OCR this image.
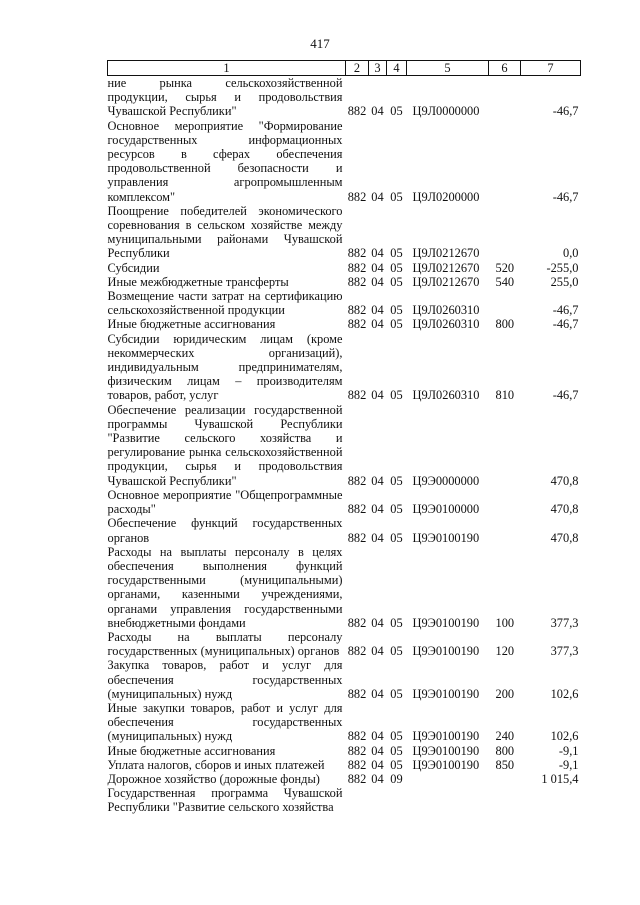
417
1	2	3	4	5	6	7
ние рынка сельскохозяйственной продукции, сырья и продовольствия Чувашской Республики"	882	04	05	Ц9Л0000000		-46,7
Основное мероприятие "Формирование государственных информационных ресурсов в сферах обеспечения продовольственной безопасности и управления агропромышленным комплексом"	882	04	05	Ц9Л0200000		-46,7
Поощрение победителей экономического соревнования в сельском хозяйстве между муниципальными районами Чувашской Республики	882	04	05	Ц9Л0212670		0,0
Субсидии	882	04	05	Ц9Л0212670	520	-255,0
Иные межбюджетные трансферты	882	04	05	Ц9Л0212670	540	255,0
Возмещение части затрат на сертификацию сельскохозяйственной продукции	882	04	05	Ц9Л0260310		-46,7
Иные бюджетные ассигнования	882	04	05	Ц9Л0260310	800	-46,7
Субсидии юридическим лицам (кроме некоммерческих организаций), индивидуальным предпринимателям, физическим лицам – производителям товаров, работ, услуг	882	04	05	Ц9Л0260310	810	-46,7
Обеспечение реализации государственной программы Чувашской Республики "Развитие сельского хозяйства и регулирование рынка сельскохозяйственной продукции, сырья и продовольствия Чувашской Республики"	882	04	05	Ц9Э0000000		470,8
Основное мероприятие "Общепрограммные расходы"	882	04	05	Ц9Э0100000		470,8
Обеспечение функций государственных органов	882	04	05	Ц9Э0100190		470,8
Расходы на выплаты персоналу в целях обеспечения выполнения функций государственными (муниципальными) органами, казенными учреждениями, органами управления государственными внебюджетными фондами	882	04	05	Ц9Э0100190	100	377,3
Расходы на выплаты персоналу государственных (муниципальных) органов	882	04	05	Ц9Э0100190	120	377,3
Закупка товаров, работ и услуг для обеспечения государственных (муниципальных) нужд	882	04	05	Ц9Э0100190	200	102,6
Иные закупки товаров, работ и услуг для обеспечения государственных (муниципальных) нужд	882	04	05	Ц9Э0100190	240	102,6
Иные бюджетные ассигнования	882	04	05	Ц9Э0100190	800	-9,1
Уплата налогов, сборов и иных платежей	882	04	05	Ц9Э0100190	850	-9,1
Дорожное хозяйство (дорожные фонды)	882	04	09			1 015,4
Государственная программа Чувашской Республики "Развитие сельского хозяйства						
